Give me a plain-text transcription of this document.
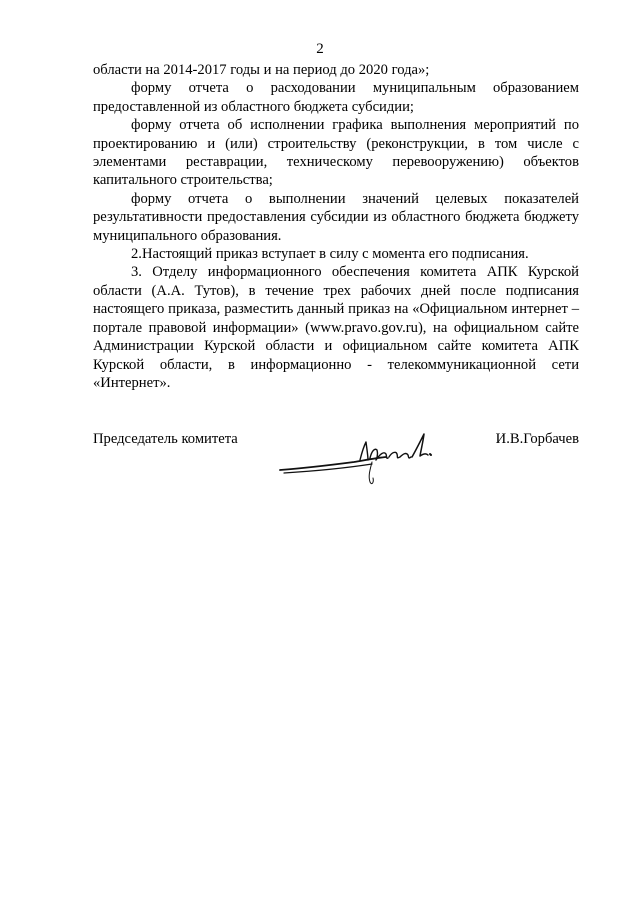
2

области на 2014-2017 годы и на период до 2020 года»;

форму отчета о расходовании муниципальным образованием предоставленной из областного бюджета субсидии;

форму отчета об исполнении графика выполнения мероприятий по проектированию и (или) строительству (реконструкции, в том числе с элементами реставрации, техническому перевооружению) объектов капитального строительства;

форму отчета о выполнении значений целевых показателей результативности предоставления субсидии из областного бюджета бюджету муниципального образования.

2.Настоящий приказ вступает в силу с момента его подписания.

3. Отделу информационного обеспечения комитета АПК Курской области (А.А. Тутов), в течение трех рабочих дней после подписания настоящего приказа, разместить данный приказ на «Официальном интернет – портале правовой информации» (www.pravo.gov.ru), на официальном сайте Администрации Курской области и официальном сайте комитета АПК Курской области, в информационно - телекоммуникационной сети «Интернет».

Председатель комитета	И.В.Горбачев
